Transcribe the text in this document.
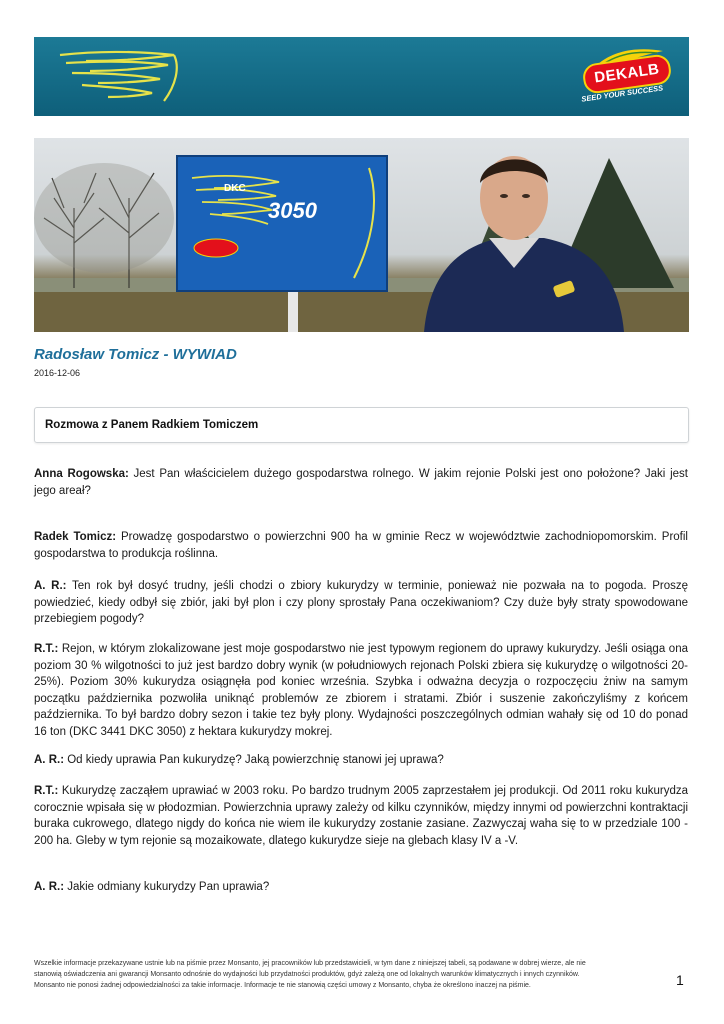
DEKALB
SEED YOUR SUCCESS
DKC
3050
Radosław Tomicz - WYWIAD
2016-12-06
Rozmowa z Panem Radkiem Tomiczem

Anna Rogowska: Jest Pan właścicielem dużego gospodarstwa rolnego. W jakim rejonie Polski jest ono położone? Jaki jest jego areał?

Radek Tomicz: Prowadzę gospodarstwo o powierzchni 900 ha w gminie Recz w województwie zachodniopomorskim. Profil gospodarstwa to produkcja roślinna.

A. R.: Ten rok był dosyć trudny, jeśli chodzi o zbiory kukurydzy w terminie, ponieważ nie pozwała na to pogoda. Proszę powiedzieć, kiedy odbył się zbiór, jaki był plon i czy plony sprostały Pana oczekiwaniom? Czy duże były straty spowodowane przebiegiem pogody?

R.T.: Rejon, w którym zlokalizowane jest moje gospodarstwo nie jest typowym regionem do uprawy kukurydzy. Jeśli osiąga ona poziom 30 % wilgotności to już jest bardzo dobry wynik (w południowych rejonach Polski zbiera się kukurydzę o wilgotności 20-25%). Poziom 30% kukurydza osiągnęła pod koniec września. Szybka i odważna decyzja o rozpoczęciu żniw na samym początku października pozwoliła uniknąć problemów ze zbiorem i stratami. Zbiór i suszenie zakończyliśmy z końcem października. To był bardzo dobry sezon i takie tez były plony. Wydajności poszczególnych odmian wahały się od 10 do ponad 16 ton (DKC 3441 DKC 3050) z hektara kukurydzy mokrej.

A. R.: Od kiedy uprawia Pan kukurydzę? Jaką powierzchnię stanowi jej uprawa?

R.T.: Kukurydzę zacząłem uprawiać w 2003 roku. Po bardzo trudnym 2005 zaprzestałem jej produkcji. Od 2011 roku kukurydza corocznie wpisała się w płodozmian. Powierzchnia uprawy zależy od kilku czynników, między innymi od powierzchni kontraktacji buraka cukrowego, dlatego nigdy do końca nie wiem ile kukurydzy zostanie zasiane. Zazwyczaj waha się to w przedziale 100 - 200 ha. Gleby w tym rejonie są mozaikowate, dlatego kukurydze sieje na glebach klasy IV a -V.

A. R.: Jakie odmiany kukurydzy Pan uprawia?

Wszelkie informacje przekazywane ustnie lub na piśmie przez Monsanto, jej pracowników lub przedstawicieli, w tym dane z niniejszej tabeli, są podawane w dobrej wierze, ale nie
stanowią oświadczenia ani gwarancji Monsanto odnośnie do wydajności lub przydatności produktów, gdyż zależą one od lokalnych warunków klimatycznych i innych czynników.
Monsanto nie ponosi żadnej odpowiedzialności za takie informacje. Informacje te nie stanowią części umowy z Monsanto, chyba że określono inaczej na piśmie.	1
